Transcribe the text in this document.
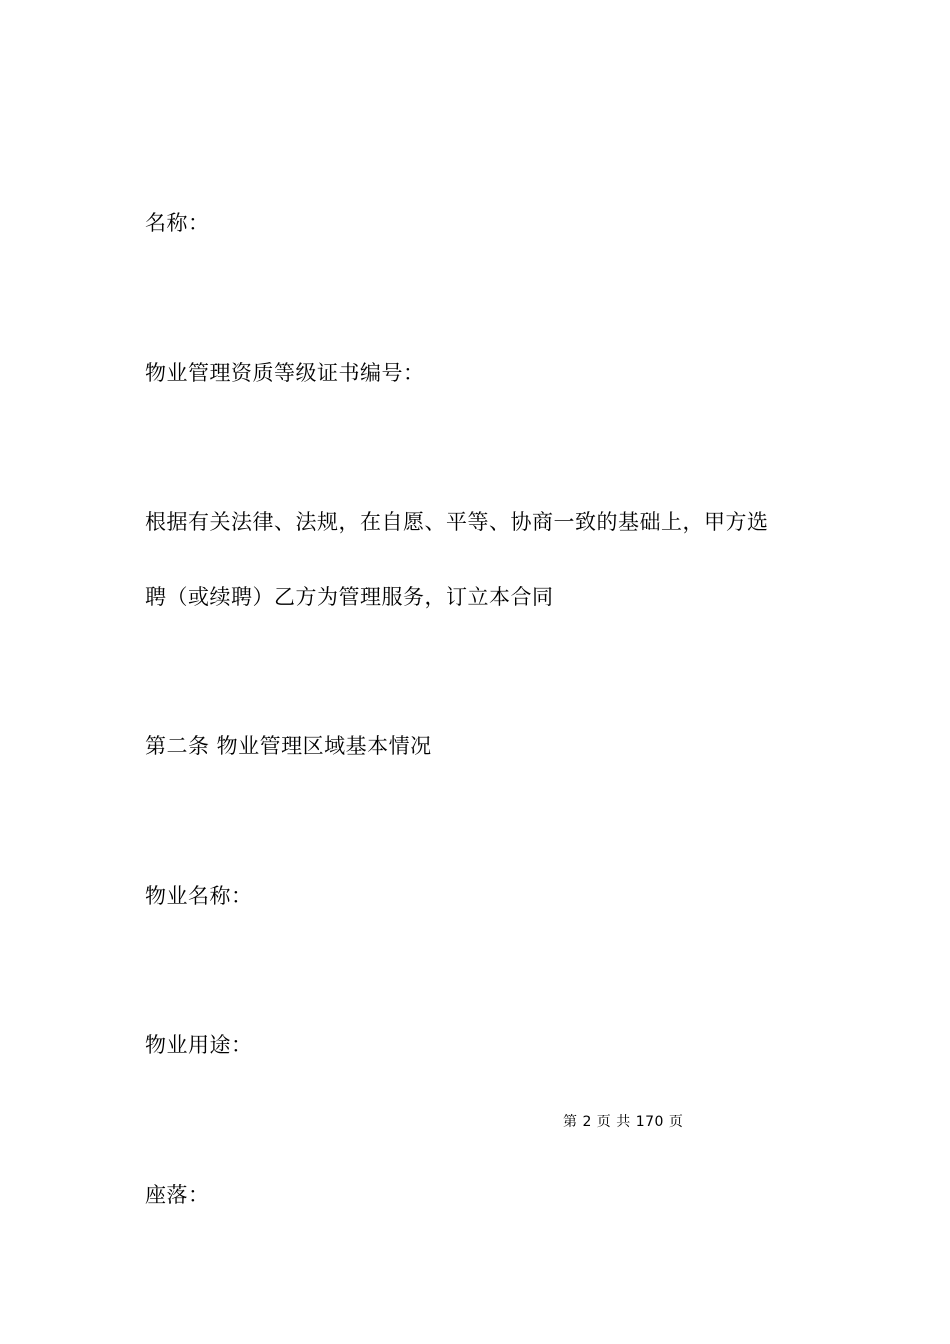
名称：
物业管理资质等级证书编号：
根据有关法律、法规，在自愿、平等、协商一致的基础上，甲方选
聘（或续聘）乙方为管理服务，订立本合同
第二条 物业管理区域基本情况
物业名称：
物业用途：
第 2 页 共 170 页
座落：
